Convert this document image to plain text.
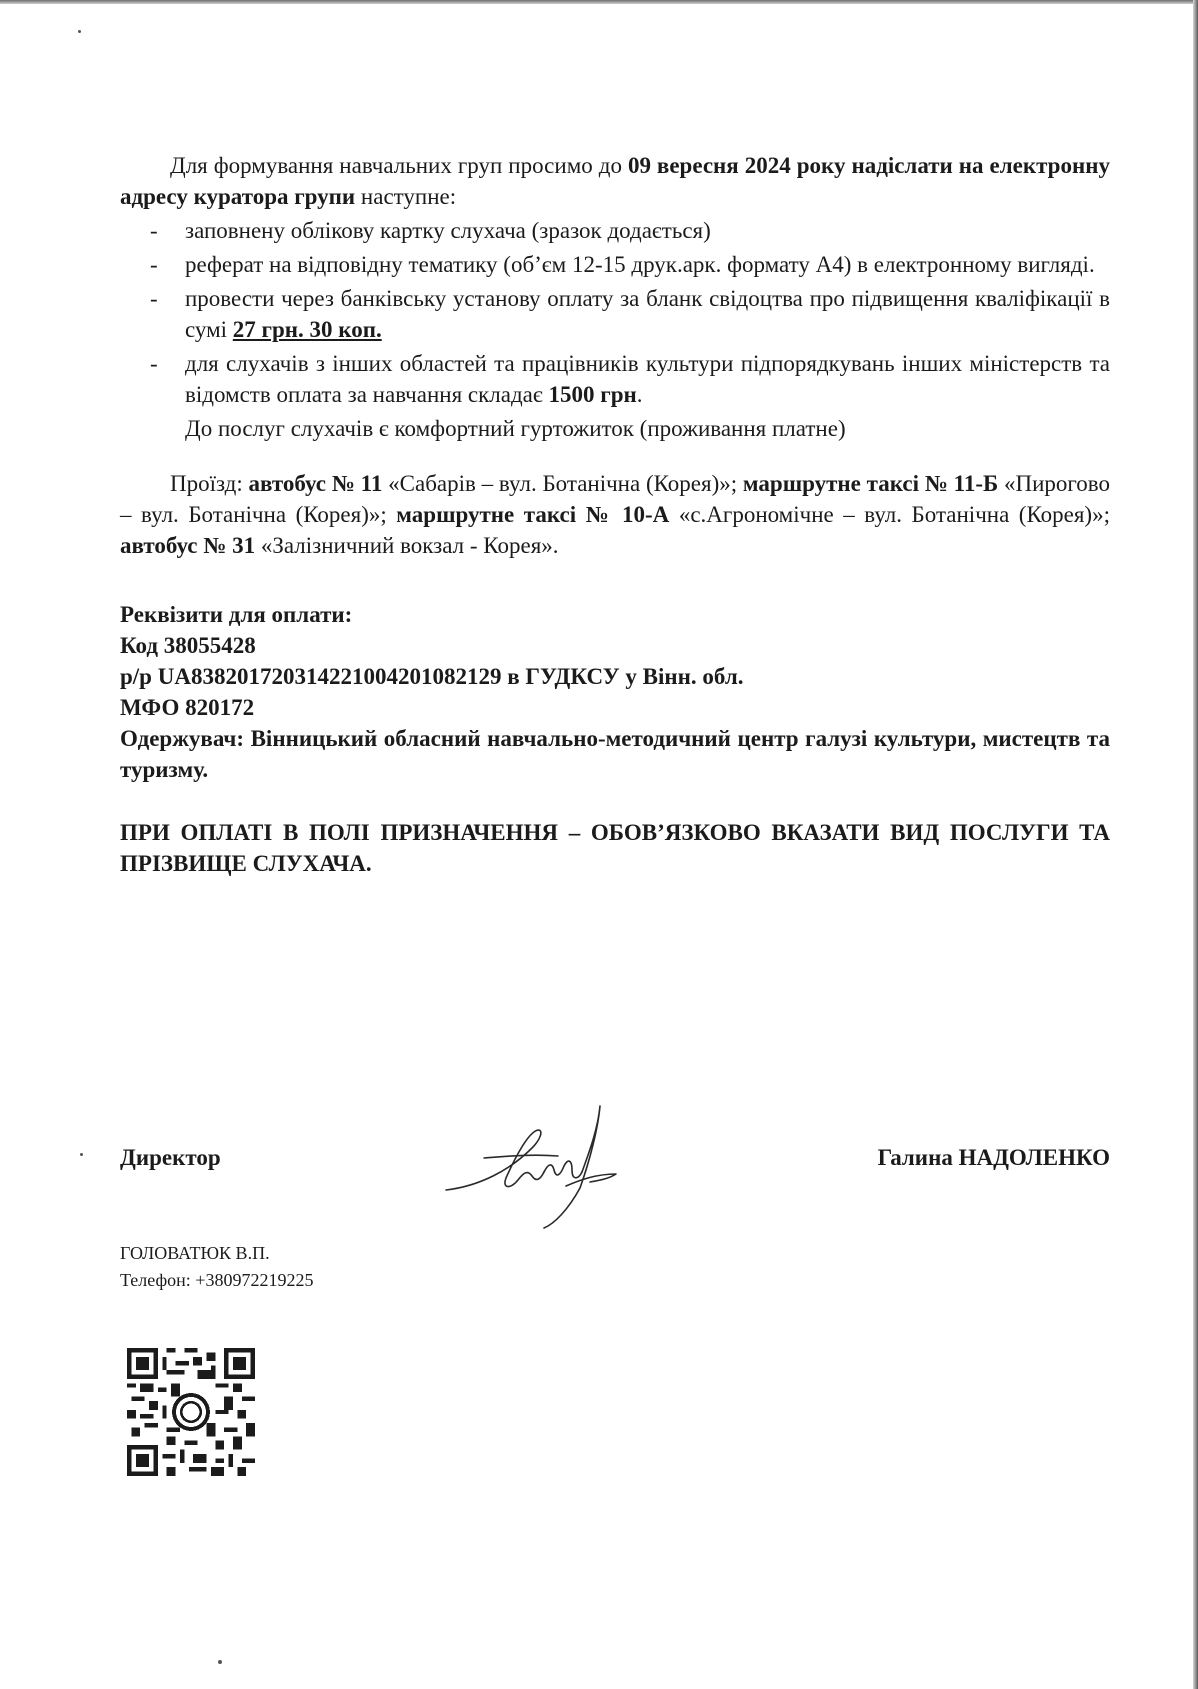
Для формування навчальних груп просимо до 09 вересня 2024 року надіслати на електронну адресу куратора групи наступне:

- заповнену облікову картку слухача (зразок додається)
- реферат на відповідну тематику (об’єм 12-15 друк.арк. формату А4) в електронному вигляді.
- провести через банківську установу оплату за бланк свідоцтва про підвищення кваліфікації в сумі 27 грн. 30 коп.
- для слухачів з інших областей та працівників культури підпорядкувань інших міністерств та відомств оплата за навчання складає 1500 грн.

До послуг слухачів є комфортний гуртожиток (проживання платне)

Проїзд: автобус № 11 «Сабарів – вул. Ботанічна (Корея)»; маршрутне таксі № 11-Б «Пирогово – вул. Ботанічна (Корея)»; маршрутне таксі № 10-А «с.Агрономічне – вул. Ботанічна (Корея)»; автобус № 31 «Залізничний вокзал - Корея».

Реквізити для оплати:

Код 38055428

р/р UA838201720314221004201082129 в ГУДКСУ у Вінн. обл.

МФО 820172

Одержувач: Вінницький обласний навчально-методичний центр галузі культури, мистецтв та туризму.

ПРИ ОПЛАТІ В ПОЛІ ПРИЗНАЧЕННЯ – ОБОВ’ЯЗКОВО ВКАЗАТИ ВИД ПОСЛУГИ ТА ПРІЗВИЩЕ СЛУХАЧА.

Директор	Галина НАДОЛЕНКО
ГОЛОВАТЮК В.П.
Телефон: +380972219225
